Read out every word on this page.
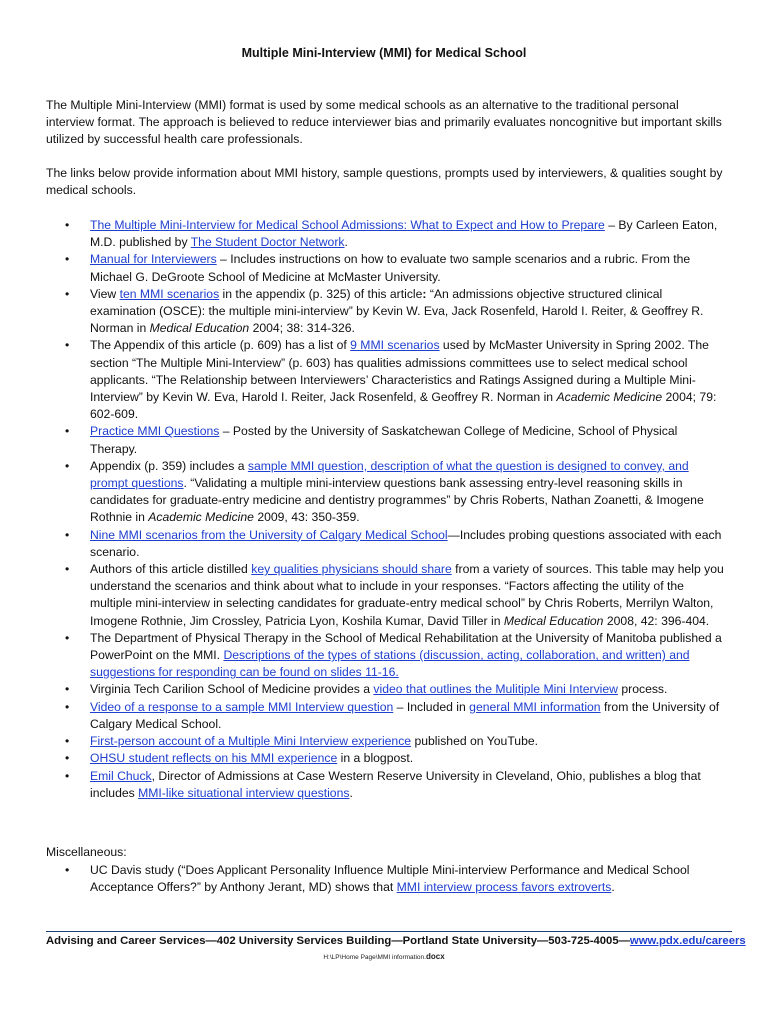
Multiple Mini-Interview (MMI) for Medical School

The Multiple Mini-Interview (MMI) format is used by some medical schools as an alternative to the traditional personal interview format. The approach is believed to reduce interviewer bias and primarily evaluates noncognitive but important skills utilized by successful health care professionals.

The links below provide information about MMI history, sample questions, prompts used by interviewers, & qualities sought by medical schools.

• The Multiple Mini-Interview for Medical School Admissions: What to Expect and How to Prepare – By Carleen Eaton, M.D. published by The Student Doctor Network.
• Manual for Interviewers – Includes instructions on how to evaluate two sample scenarios and a rubric. From the Michael G. DeGroote School of Medicine at McMaster University.
• View ten MMI scenarios in the appendix (p. 325) of this article: “An admissions objective structured clinical examination (OSCE): the multiple mini-interview” by Kevin W. Eva, Jack Rosenfeld, Harold I. Reiter, & Geoffrey R. Norman in Medical Education 2004; 38: 314-326.
• The Appendix of this article (p. 609) has a list of 9 MMI scenarios used by McMaster University in Spring 2002. The section “The Multiple Mini-Interview” (p. 603) has qualities admissions committees use to select medical school applicants. “The Relationship between Interviewers’ Characteristics and Ratings Assigned during a Multiple Mini-Interview” by Kevin W. Eva, Harold I. Reiter, Jack Rosenfeld, & Geoffrey R. Norman in Academic Medicine 2004; 79: 602-609.
• Practice MMI Questions – Posted by the University of Saskatchewan College of Medicine, School of Physical Therapy.
• Appendix (p. 359) includes a sample MMI question, description of what the question is designed to convey, and prompt questions. “Validating a multiple mini-interview questions bank assessing entry-level reasoning skills in candidates for graduate-entry medicine and dentistry programmes” by Chris Roberts, Nathan Zoanetti, & Imogene Rothnie in Academic Medicine 2009, 43: 350-359.
• Nine MMI scenarios from the University of Calgary Medical School—Includes probing questions associated with each scenario.
• Authors of this article distilled key qualities physicians should share from a variety of sources. This table may help you understand the scenarios and think about what to include in your responses. “Factors affecting the utility of the multiple mini-interview in selecting candidates for graduate-entry medical school” by Chris Roberts, Merrilyn Walton, Imogene Rothnie, Jim Crossley, Patricia Lyon, Koshila Kumar, David Tiller in Medical Education 2008, 42: 396-404.
• The Department of Physical Therapy in the School of Medical Rehabilitation at the University of Manitoba published a PowerPoint on the MMI. Descriptions of the types of stations (discussion, acting, collaboration, and written) and suggestions for responding can be found on slides 11-16.
• Virginia Tech Carilion School of Medicine provides a video that outlines the Mulitiple Mini Interview process.
• Video of a response to a sample MMI Interview question – Included in general MMI information from the University of Calgary Medical School.
• First-person account of a Multiple Mini Interview experience published on YouTube.
• OHSU student reflects on his MMI experience in a blogpost.
• Emil Chuck, Director of Admissions at Case Western Reserve University in Cleveland, Ohio, publishes a blog that includes MMI-like situational interview questions.
Miscellaneous:
• UC Davis study (“Does Applicant Personality Influence Multiple Mini-interview Performance and Medical School Acceptance Offers?” by Anthony Jerant, MD) shows that MMI interview process favors extroverts.
Advising and Career Services—402 University Services Building—Portland State University—503-725-4005—www.pdx.edu/careers
H:\LP\Home Page\MMI information.docx
